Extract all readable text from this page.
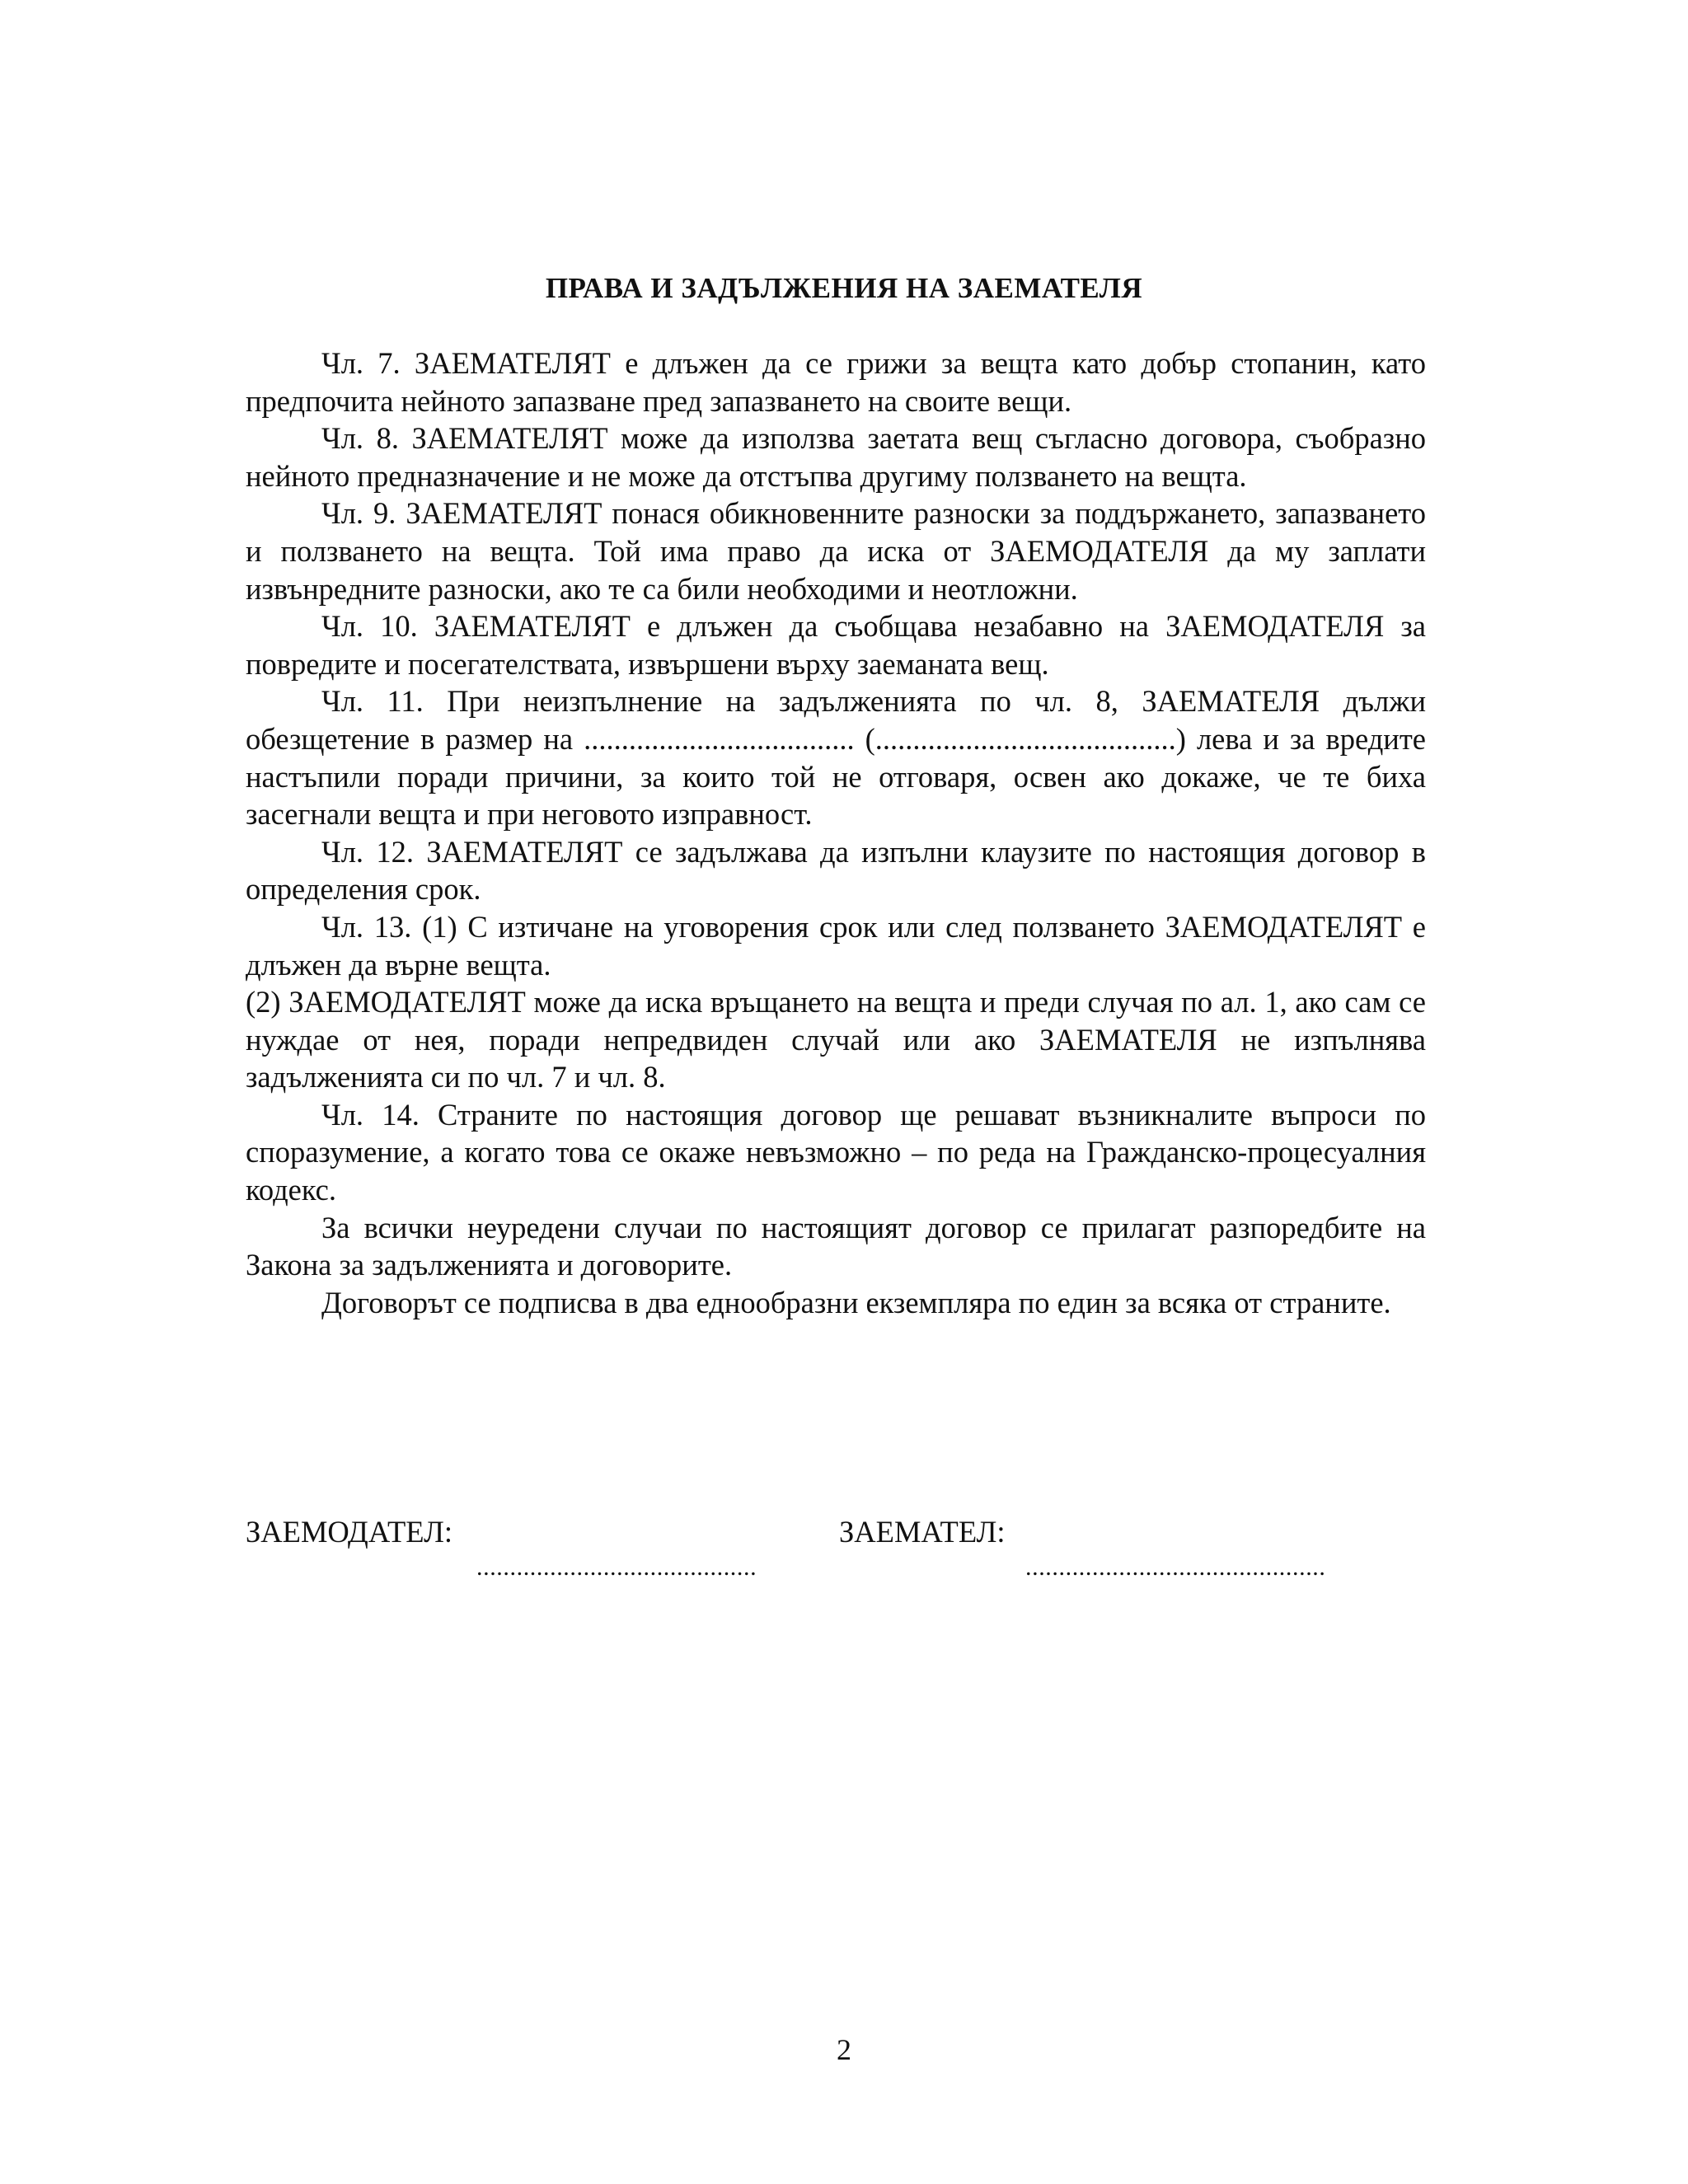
ПРАВА И ЗАДЪЛЖЕНИЯ НА ЗАЕМАТЕЛЯ

Чл. 7. ЗАЕМАТЕЛЯТ е длъжен да се грижи за вещта като добър стопанин, като предпочита нейното запазване пред запазването на своите вещи.

Чл. 8. ЗАЕМАТЕЛЯТ може да използва заетата вещ съгласно договора, съобразно нейното предназначение и не може да отстъпва другиму ползването на вещта.

Чл. 9. ЗАЕМАТЕЛЯТ понася обикновенните разноски за поддържането, запазването и ползването на вещта. Той има право да иска от ЗАЕМОДАТЕЛЯ да му заплати извънредните разноски, ако те са били необходими и неотложни.

Чл. 10. ЗАЕМАТЕЛЯТ е длъжен да съобщава незабавно на ЗАЕМОДАТЕЛЯ за повредите и посегателствата, извършени върху заеманата вещ.

Чл. 11. При неизпълнение на задълженията по чл. 8, ЗАЕМАТЕЛЯ дължи обезщетение в размер на .................................... (........................................) лева и за вредите настъпили поради причини, за които той не отговаря, освен ако докаже, че те биха засегнали вещта и при неговото изправност.

Чл. 12. ЗАЕМАТЕЛЯТ се задължава да изпълни клаузите по настоящия договор в определения срок.

Чл. 13. (1) С изтичане на уговорения срок или след ползването ЗАЕМОДАТЕЛЯТ е длъжен да върне вещта.

(2) ЗАЕМОДАТЕЛЯТ може да иска връщането на вещта и преди случая по ал. 1, ако сам се нуждае от нея, поради непредвиден случай или ако ЗАЕМАТЕЛЯ не изпълнява задълженията си по чл. 7 и чл. 8.

Чл. 14. Страните по настоящия договор ще решават възникналите въпроси по споразумение, а когато това се окаже невъзможно – по реда на Гражданско-процесуалния кодекс.

За всички неуредени случаи по настоящият договор се прилагат разпоредбите на Закона за задълженията и договорите.

Договорът се подписва в два еднообразни екземпляра по един за всяка от страните.

ЗАЕМОДАТЕЛ:	ЗАЕМАТЕЛ:
..........................................	.............................................
2
